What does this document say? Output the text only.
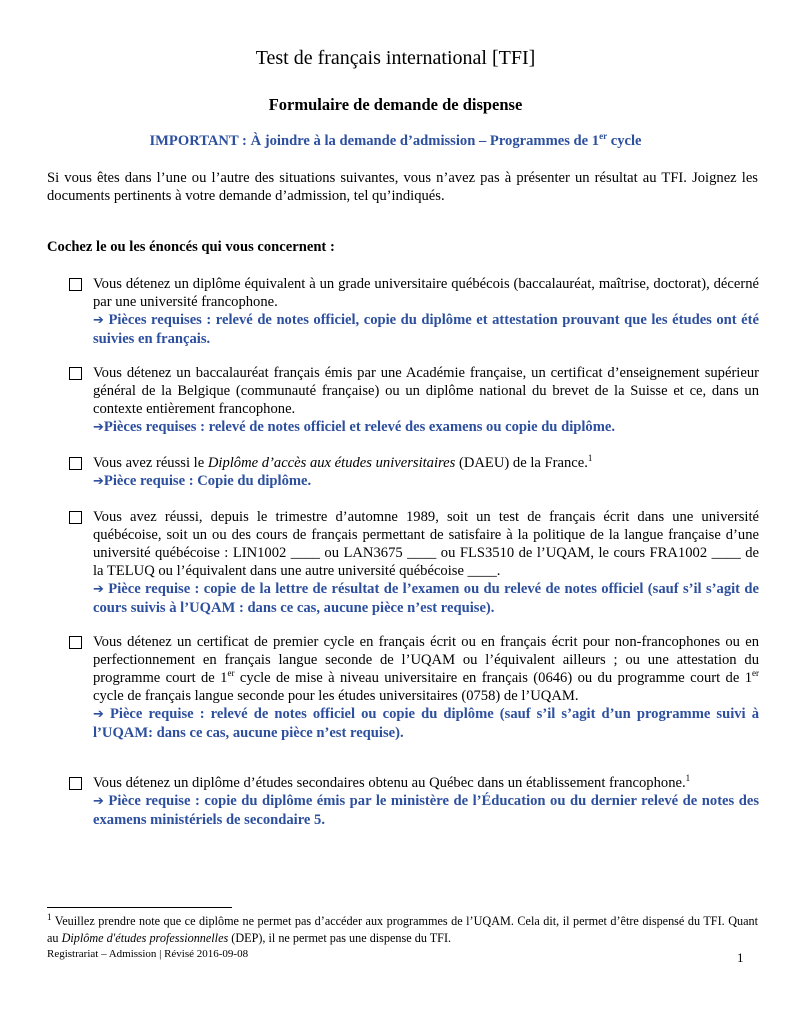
Test de français international [TFI]
Formulaire de demande de dispense
IMPORTANT : À joindre à la demande d’admission – Programmes de 1er cycle
Si vous êtes dans l’une ou l’autre des situations suivantes, vous n’avez pas à présenter un résultat au TFI. Joignez les documents pertinents à votre demande d’admission, tel qu’indiqués.
Cochez le ou les énoncés qui vous concernent :
Vous détenez un diplôme équivalent à un grade universitaire québécois (baccalauréat, maîtrise, doctorat), décerné par une université francophone.
➔ Pièces requises : relevé de notes officiel, copie du diplôme et attestation prouvant que les études ont été suivies en français.
Vous détenez un baccalauréat français émis par une Académie française, un certificat d’enseignement supérieur général de la Belgique (communauté française) ou un diplôme national du brevet de la Suisse et ce, dans un contexte entièrement francophone.
➔Pièces requises : relevé de notes officiel et relevé des examens ou copie du diplôme.
Vous avez réussi le Diplôme d’accès aux études universitaires (DAEU) de la France.$^1$
➔Pièce requise : Copie du diplôme.
Vous avez réussi, depuis le trimestre d’automne 1989, soit un test de français écrit dans une université québécoise, soit un ou des cours de français permettant de satisfaire à la politique de la langue française d’une université québécoise : LIN1002 ____ ou LAN3675 ____ ou FLS3510 de l’UQAM, le cours FRA1002 ____ de la TELUQ ou l’équivalent dans une autre université québécoise ____.
➔ Pièce requise : copie de la lettre de résultat de l’examen ou du relevé de notes officiel (sauf s’il s’agit de cours suivis à l’UQAM : dans ce cas, aucune pièce n’est requise).
Vous détenez un certificat de premier cycle en français écrit ou en français écrit pour non-francophones ou en perfectionnement en français langue seconde de l’UQAM ou l’équivalent ailleurs ; ou une attestation du programme court de 1er cycle de mise à niveau universitaire en français (0646) ou du programme court de 1er cycle de français langue seconde pour les études universitaires (0758) de l’UQAM.
➔ Pièce requise : relevé de notes officiel ou copie du diplôme (sauf s’il s’agit d’un programme suivi à l’UQAM: dans ce cas, aucune pièce n’est requise).
Vous détenez un diplôme d’études secondaires obtenu au Québec dans un établissement francophone.$^1$
➔ Pièce requise : copie du diplôme émis par le ministère de l’Éducation ou du dernier relevé de notes des examens ministériels de secondaire 5.
$^1$ Veuillez prendre note que ce diplôme ne permet pas d’accéder aux programmes de l’UQAM. Cela dit, il permet d’être dispensé du TFI. Quant au Diplôme d'études professionnelles (DEP), il ne permet pas une dispense du TFI.
Registrariat – Admission | Révisé 2016-09-08	1
